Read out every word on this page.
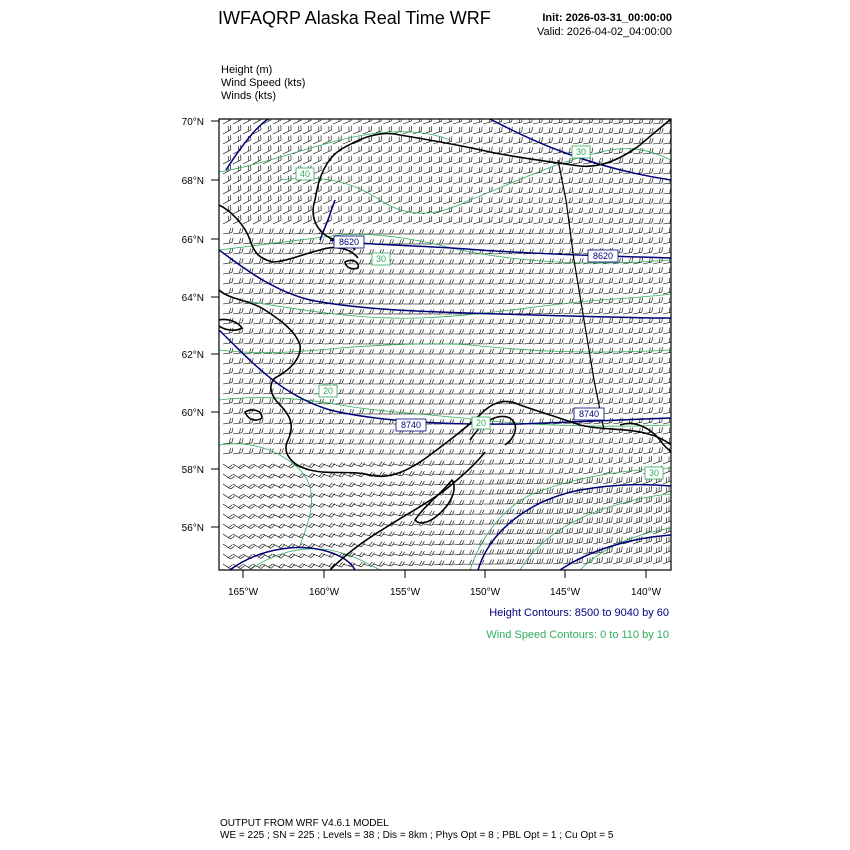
IWFAQRP Alaska Real Time WRF	Init: 2026-03-31_00:00:00
Valid: 2026-04-02_04:00:00
Height (m)
Wind Speed (kts)
Winds (kts)
70°N
68°N
66°N
64°N
62°N
60°N
58°N
56°N
165°W	160°W	155°W	150°W	145°W	140°W
8620
8620
8740
8740
40
30
30
20
20
30
Height Contours: 8500 to 9040 by 60
Wind Speed Contours: 0 to 110 by 10
OUTPUT FROM WRF V4.6.1 MODEL
WE = 225 ; SN = 225 ; Levels = 38 ; Dis = 8km ; Phys Opt = 8 ; PBL Opt = 1 ; Cu Opt = 5
